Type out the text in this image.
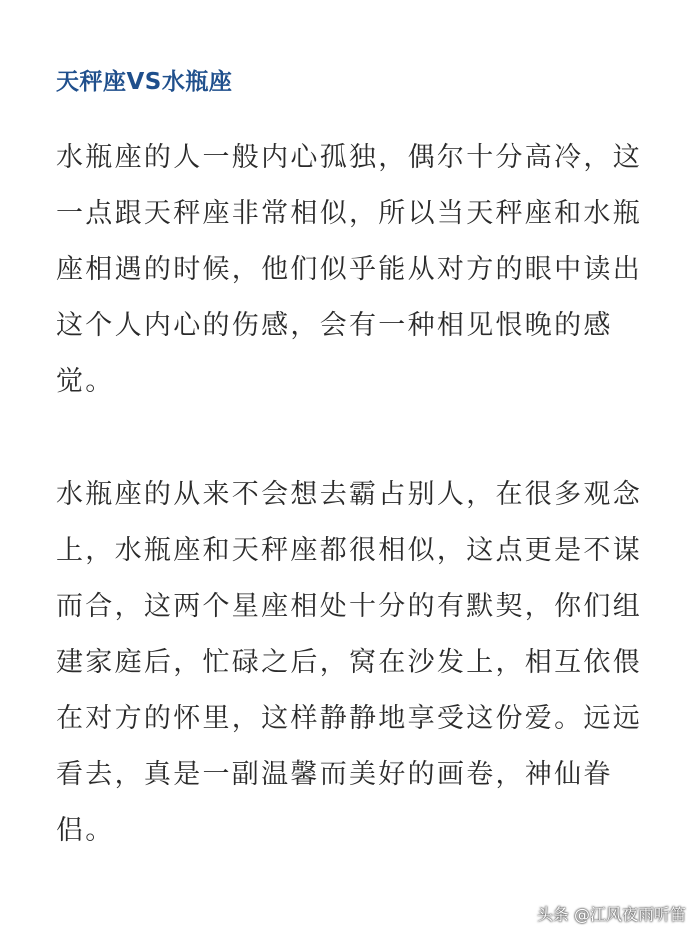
天秤座VS水瓶座

水瓶座的人一般内心孤独，偶尔十分高冷，这
一点跟天秤座非常相似，所以当天秤座和水瓶
座相遇的时候，他们似乎能从对方的眼中读出
这个人内心的伤感，会有一种相见恨晚的感
觉。

水瓶座的从来不会想去霸占别人，在很多观念
上，水瓶座和天秤座都很相似，这点更是不谋
而合，这两个星座相处十分的有默契，你们组
建家庭后，忙碌之后，窝在沙发上，相互依偎
在对方的怀里，这样静静地享受这份爱。远远
看去，真是一副温馨而美好的画卷，神仙眷
侣。

头条 @江风夜雨听笛
